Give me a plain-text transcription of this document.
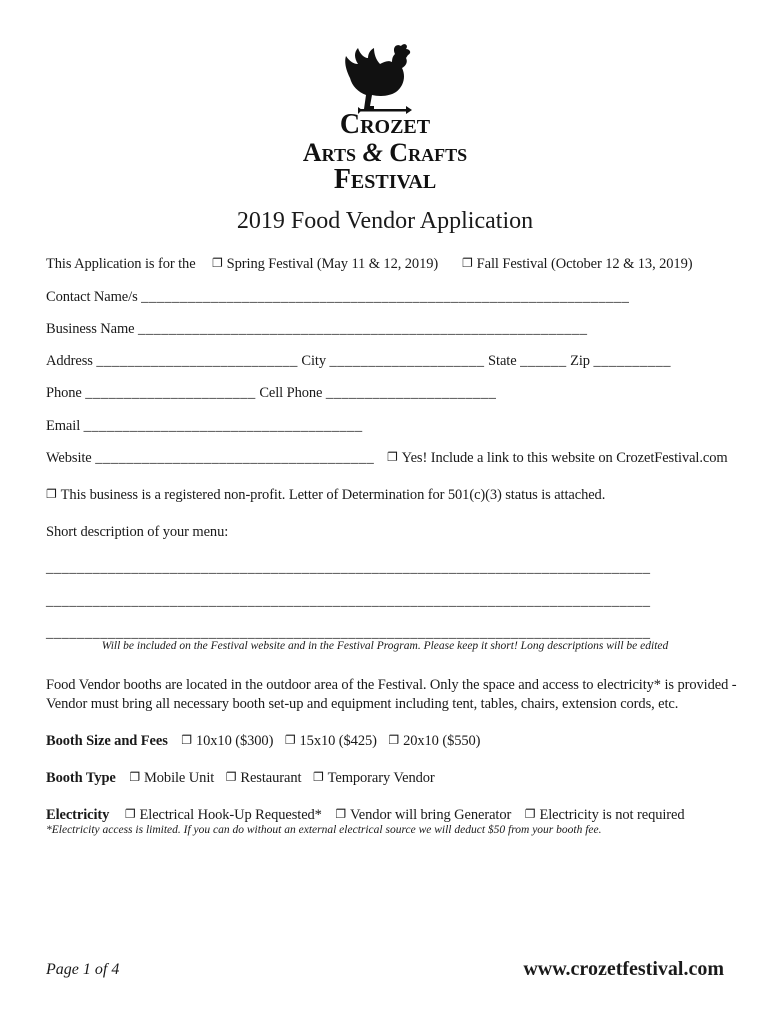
Crozet
Arts & Crafts
Festival
2019 Food Vendor Application
This Application is for the ❐ Spring Festival (May 11 & 12, 2019) ❐ Fall Festival (October 12 & 13, 2019)
Contact Name/s _______________________________________________________________
Business Name __________________________________________________________
Address __________________________ City ____________________ State ______ Zip __________
Phone ______________________ Cell Phone ______________________
Email ____________________________________
Website ____________________________________ ❐ Yes! Include a link to this website on CrozetFestival.com
❐ This business is a registered non-profit. Letter of Determination for 501(c)(3) status is attached.
Short description of your menu:
______________________________________________________________________________
______________________________________________________________________________
______________________________________________________________________________
Will be included on the Festival website and in the Festival Program. Please keep it short! Long descriptions will be edited
Food Vendor booths are located in the outdoor area of the Festival. Only the space and access to electricity* is provided -
Vendor must bring all necessary booth set-up and equipment including tent, tables, chairs, extension cords, etc.
Booth Size and Fees ❐ 10x10 ($300) ❐ 15x10 ($425) ❐ 20x10 ($550)
Booth Type ❐ Mobile Unit ❐ Restaurant ❐ Temporary Vendor
Electricity ❐ Electrical Hook-Up Requested* ❐ Vendor will bring Generator ❐ Electricity is not required
*Electricity access is limited. If you can do without an external electrical source we will deduct $50 from your booth fee.
Page 1 of 4	www.crozetfestival.com
